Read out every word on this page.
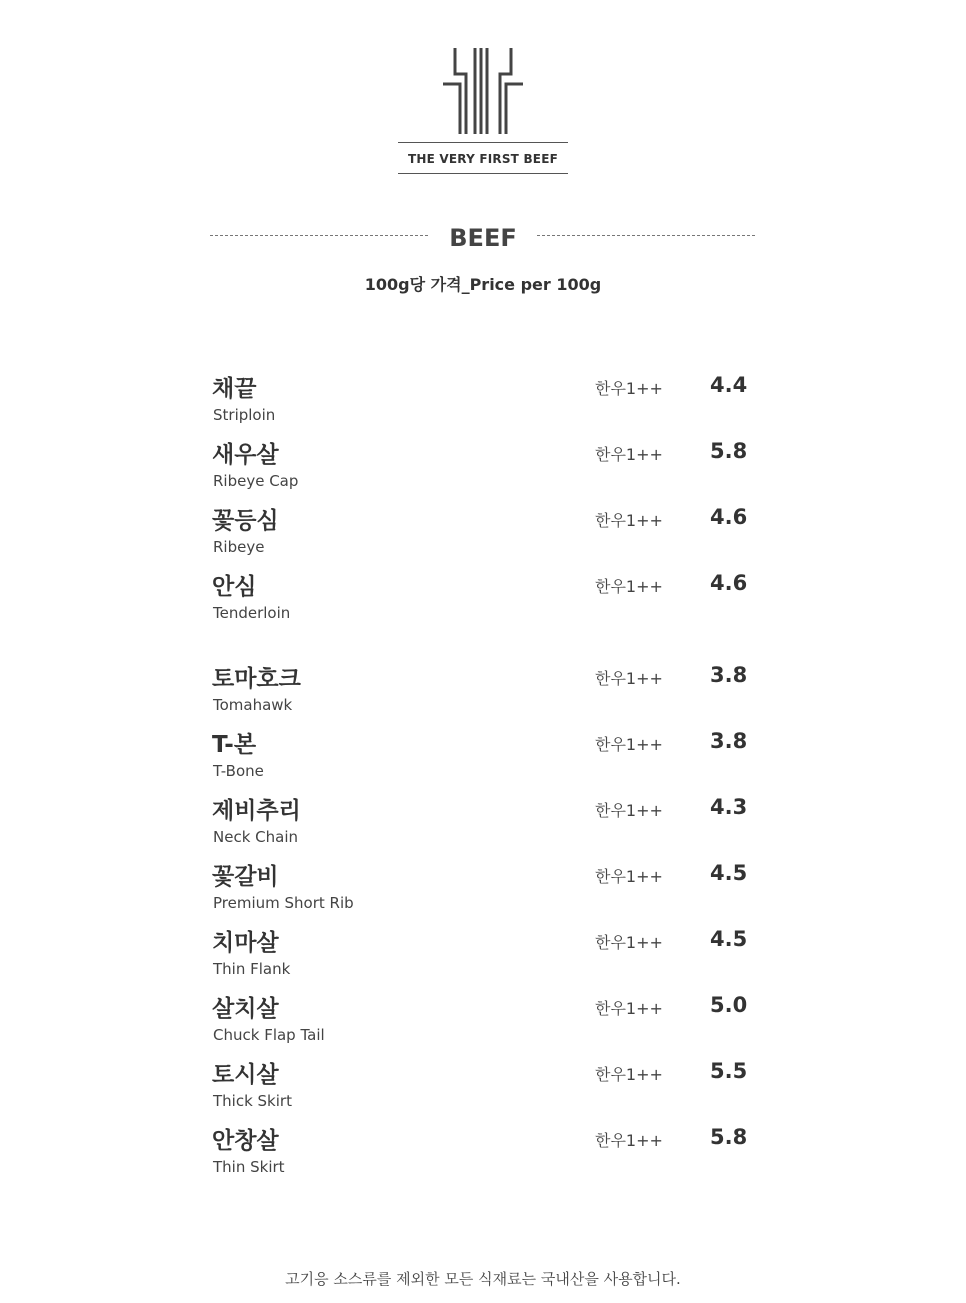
THE VERY FIRST BEEF
BEEF
100g당 가격_Price per 100g
채끝
Striploin
한우1++ 4.4
새우살
Ribeye Cap
한우1++ 5.8
꽃등심
Ribeye
한우1++ 4.6
안심
Tenderloin
한우1++ 4.6
토마호크
Tomahawk
한우1++ 3.8
T-본
T-Bone
한우1++ 3.8
제비추리
Neck Chain
한우1++ 4.3
꽃갈비
Premium Short Rib
한우1++ 4.5
치마살
Thin Flank
한우1++ 4.5
살치살
Chuck Flap Tail
한우1++ 5.0
토시살
Thick Skirt
한우1++ 5.5
안창살
Thin Skirt
한우1++ 5.8
고기응 소스류를 제외한 모든 식재료는 국내산을 사용합니다.
